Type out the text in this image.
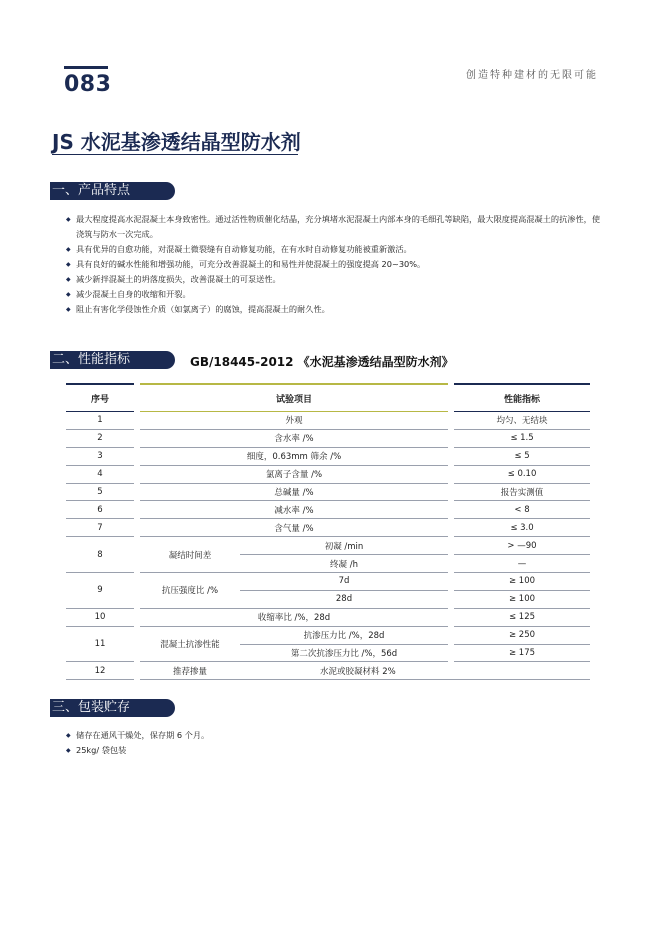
083	创造特种建材的无限可能
JS 水泥基渗透结晶型防水剂
一、产品特点
◆ 最大程度提高水泥混凝土本身致密性。通过活性物质催化结晶，充分填堵水泥混凝土内部本身的毛细孔等缺陷，最大限度提高混凝土的抗渗性，使浇筑与防水一次完成。
◆ 具有优异的自愈功能，对混凝土微裂缝有自动修复功能，在有水时自动修复功能被重新激活。
◆ 具有良好的碱水性能和增强功能，可充分改善混凝土的和易性并使混凝土的强度提高 20~30%。
◆ 减少新拌混凝土的坍落度损失，改善混凝土的可泵送性。
◆ 减少混凝土自身的收缩和开裂。
◆ 阻止有害化学侵蚀性介质（如氯离子）的腐蚀，提高混凝土的耐久性。
二、性能指标	GB/18445-2012 《水泥基渗透结晶型防水剂》
序号	试验项目		性能指标
1	外观		均匀、无结块
2	含水率 /%		≤ 1.5
3	细度，0.63mm 筛余 /%		≤ 5
4	氯离子含量 /%		≤ 0.10
5	总碱量 /%		报告实测值
6	减水率 /%		< 8
7	含气量 /%		≤ 3.0
8	凝结时间差	初凝 /min	> —90
		终凝 /h	—
9	抗压强度比 /%	7d	≥ 100
		28d	≥ 100
10	收缩率比 /%，28d		≤ 125
11	混凝土抗渗性能	抗渗压力比 /%，28d	≥ 250
		第二次抗渗压力比 /%，56d	≥ 175
12	推荐掺量	水泥或胶凝材料 2%	
三、包装贮存
◆ 储存在通风干燥处，保存期 6 个月。
◆ 25kg/ 袋包装
